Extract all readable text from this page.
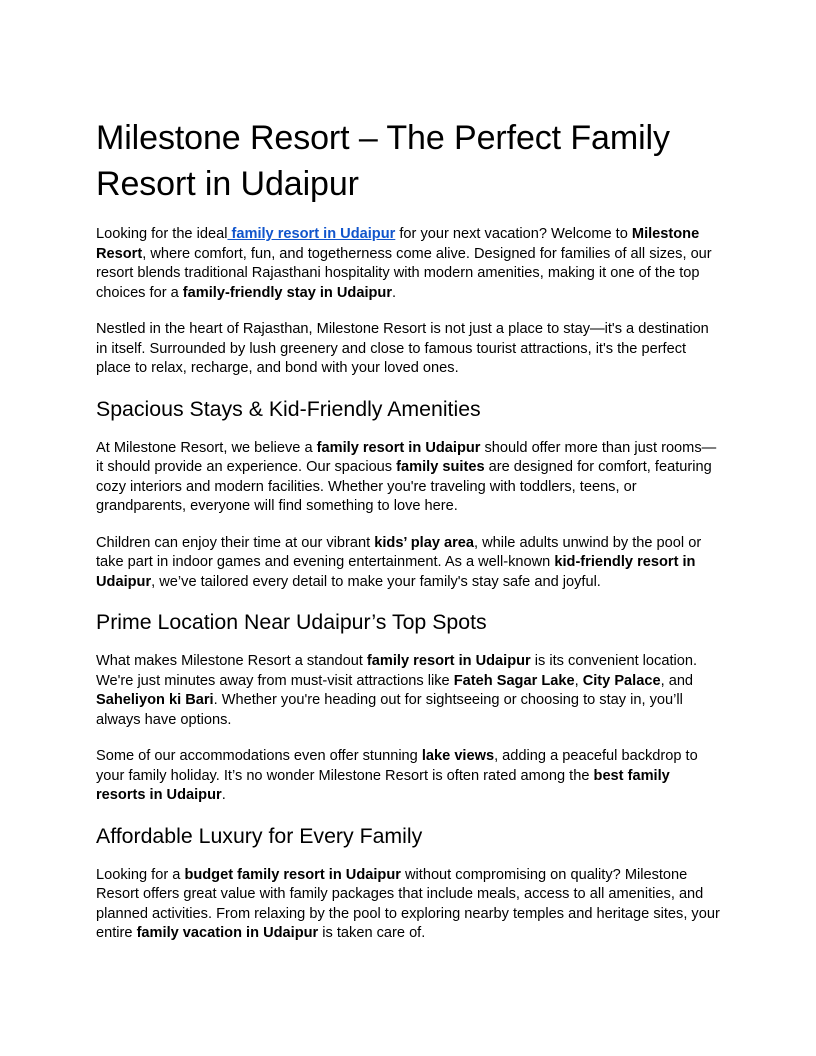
Milestone Resort – The Perfect Family Resort in Udaipur

Looking for the ideal family resort in Udaipur for your next vacation? Welcome to Milestone Resort, where comfort, fun, and togetherness come alive. Designed for families of all sizes, our resort blends traditional Rajasthani hospitality with modern amenities, making it one of the top choices for a family-friendly stay in Udaipur.

Nestled in the heart of Rajasthan, Milestone Resort is not just a place to stay—it's a destination in itself. Surrounded by lush greenery and close to famous tourist attractions, it's the perfect place to relax, recharge, and bond with your loved ones.

Spacious Stays & Kid-Friendly Amenities

At Milestone Resort, we believe a family resort in Udaipur should offer more than just rooms—it should provide an experience. Our spacious family suites are designed for comfort, featuring cozy interiors and modern facilities. Whether you're traveling with toddlers, teens, or grandparents, everyone will find something to love here.

Children can enjoy their time at our vibrant kids’ play area, while adults unwind by the pool or take part in indoor games and evening entertainment. As a well-known kid-friendly resort in Udaipur, we’ve tailored every detail to make your family's stay safe and joyful.

Prime Location Near Udaipur’s Top Spots

What makes Milestone Resort a standout family resort in Udaipur is its convenient location. We're just minutes away from must-visit attractions like Fateh Sagar Lake, City Palace, and Saheliyon ki Bari. Whether you're heading out for sightseeing or choosing to stay in, you’ll always have options.

Some of our accommodations even offer stunning lake views, adding a peaceful backdrop to your family holiday. It’s no wonder Milestone Resort is often rated among the best family resorts in Udaipur.

Affordable Luxury for Every Family

Looking for a budget family resort in Udaipur without compromising on quality? Milestone Resort offers great value with family packages that include meals, access to all amenities, and planned activities. From relaxing by the pool to exploring nearby temples and heritage sites, your entire family vacation in Udaipur is taken care of.
